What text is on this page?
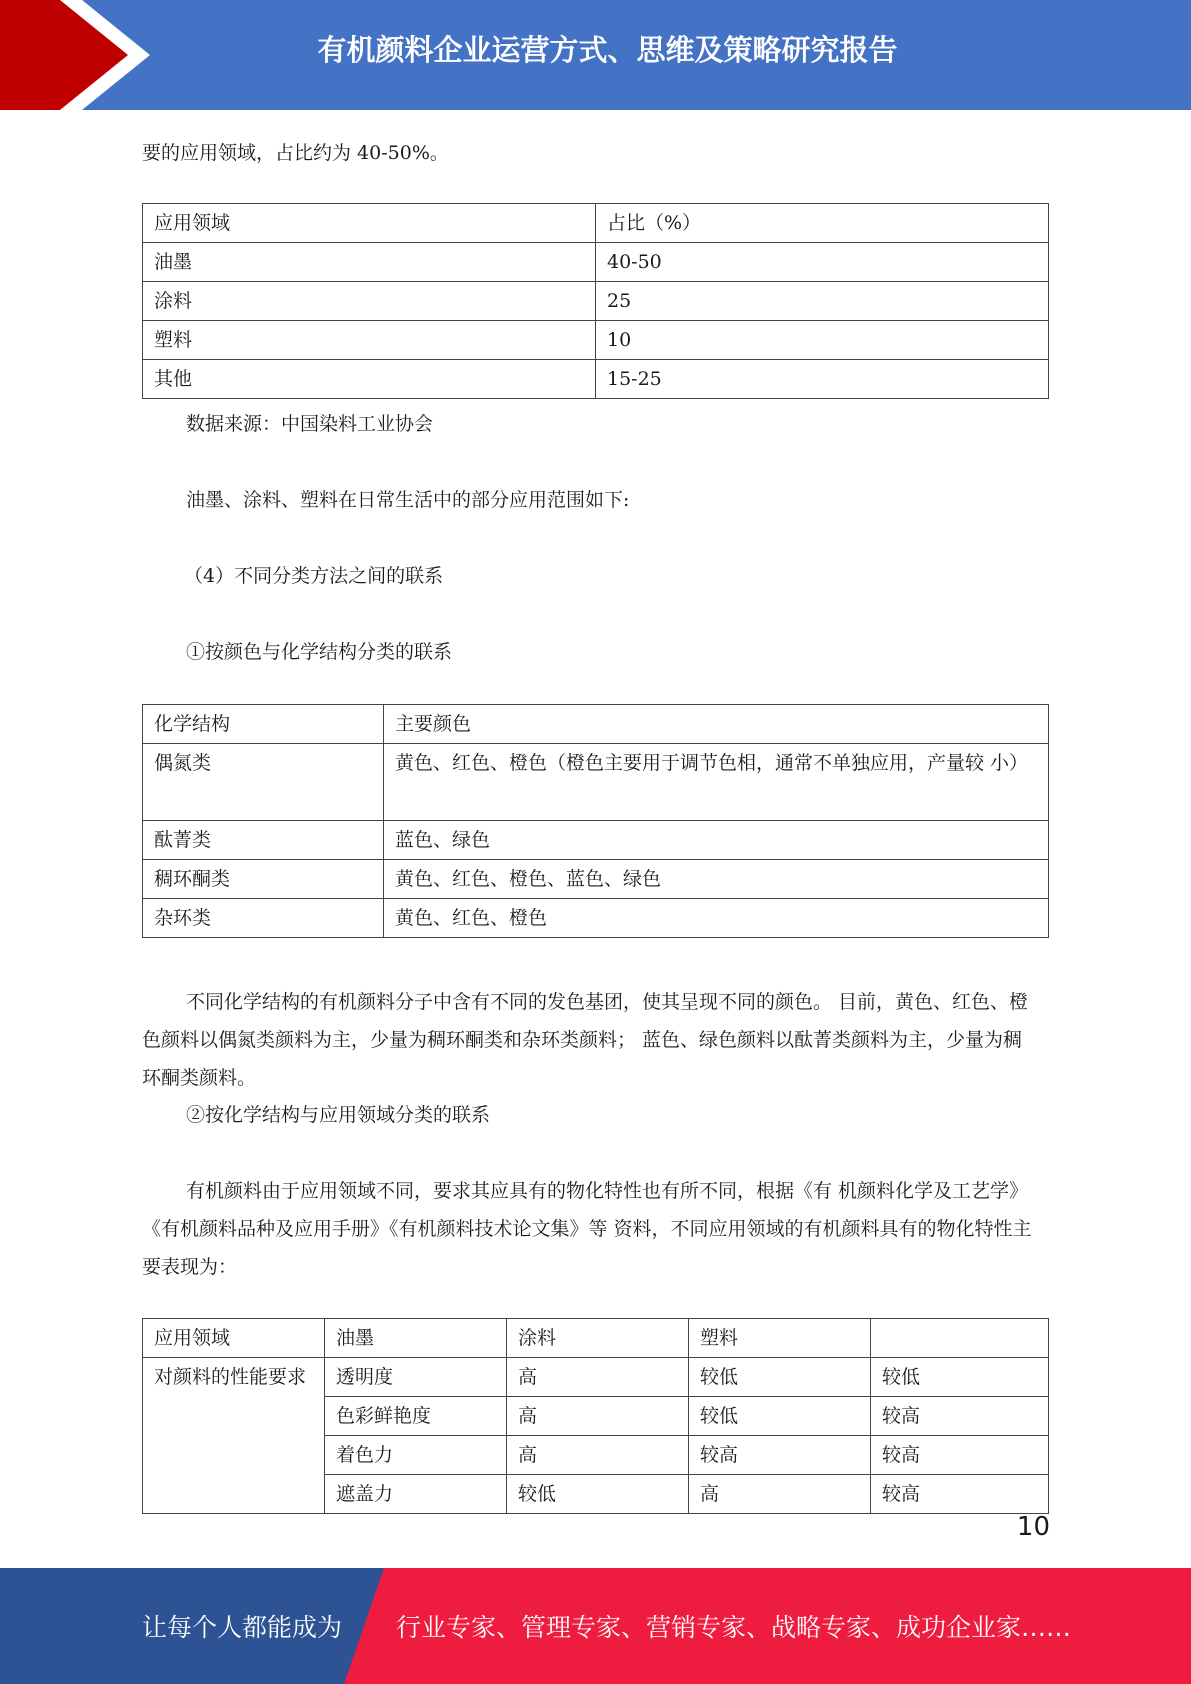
有机颜料企业运营方式、思维及策略研究报告

要的应用领域，占比约为 40-50%。

应用领域	占比（%）
油墨	40-50
涂料	25
塑料	10
其他	15-25

数据来源：中国染料工业协会

油墨、涂料、塑料在日常生活中的部分应用范围如下:

（4）不同分类方法之间的联系

①按颜色与化学结构分类的联系

化学结构	主要颜色
偶氮类	黄色、红色、橙色（橙色主要用于调节色相，通常不单独应用，产量较 小）
酞菁类	蓝色、绿色
稠环酮类	黄色、红色、橙色、蓝色、绿色
杂环类	黄色、红色、橙色

不同化学结构的有机颜料分子中含有不同的发色基团，使其呈现不同的颜色。 目前，黄色、红色、橙色颜料以偶氮类颜料为主，少量为稠环酮类和杂环类颜料； 蓝色、绿色颜料以酞菁类颜料为主，少量为稠环酮类颜料。

②按化学结构与应用领域分类的联系

有机颜料由于应用领域不同，要求其应具有的物化特性也有所不同，根据《有 机颜料化学及工艺学》《有机颜料品种及应用手册》《有机颜料技术论文集》等 资料，不同应用领域的有机颜料具有的物化特性主要表现为：

应用领域	油墨	涂料	塑料	
对颜料的性能要求	透明度	高	较低	较低
	色彩鲜艳度	高	较低	较高
	着色力	高	较高	较高
	遮盖力	较低	高	较高
10
让每个人都能成为 行业专家、管理专家、营销专家、战略专家、成功企业家……
